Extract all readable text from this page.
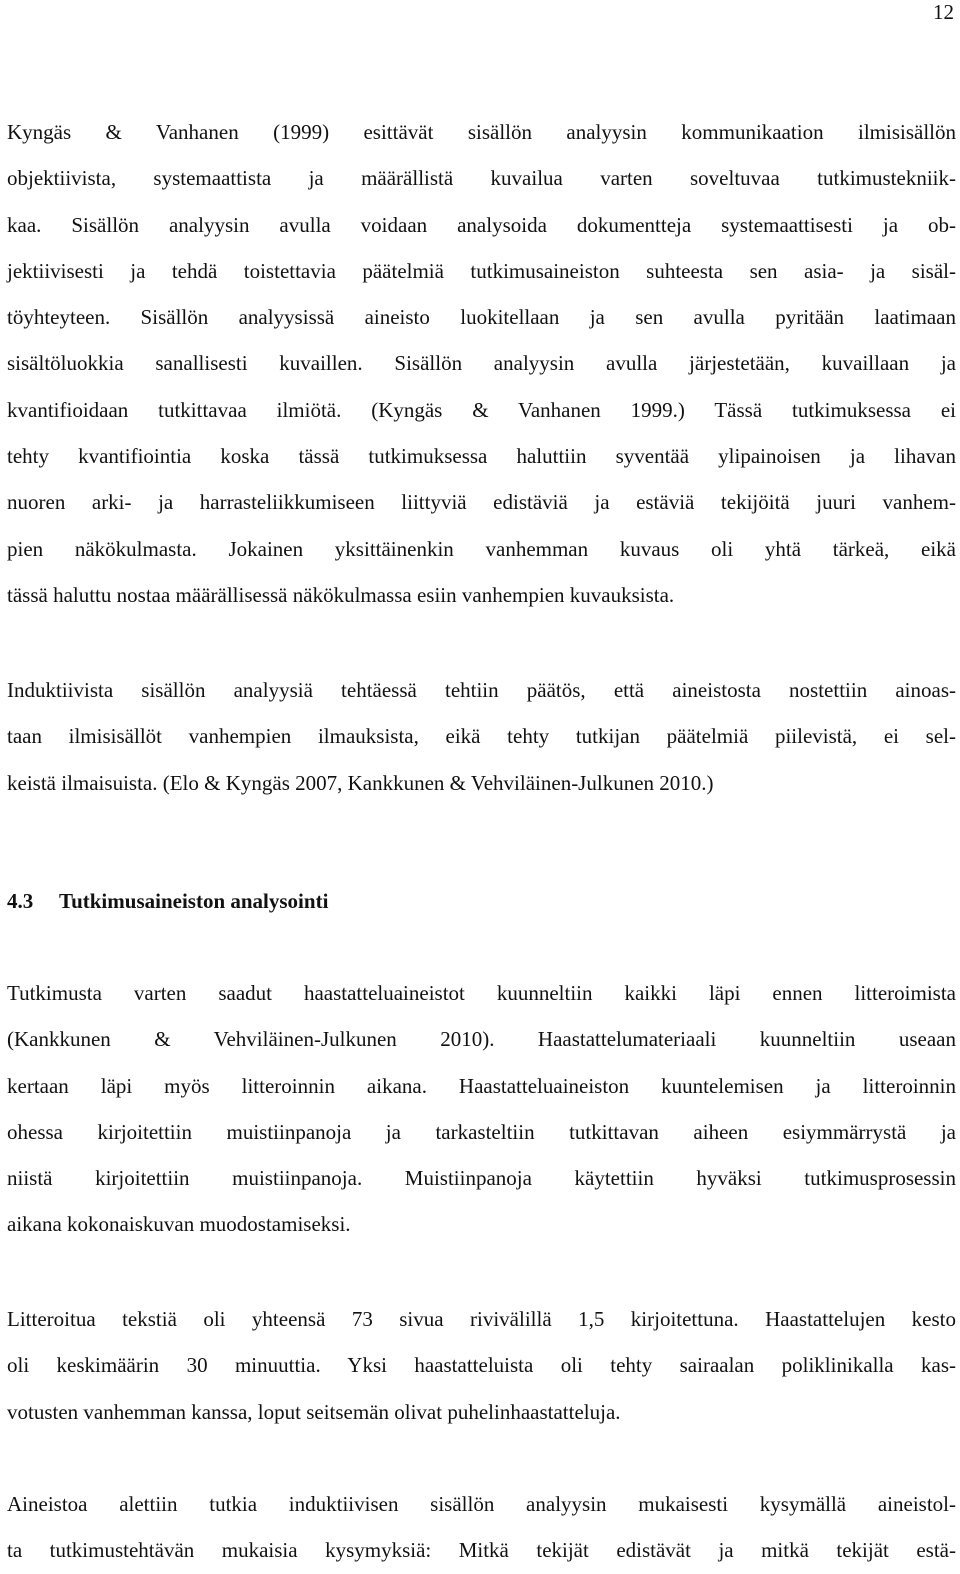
12
Kyngäs & Vanhanen (1999) esittävät sisällön analyysin kommunikaation ilmisisällön
objektiivista, systemaattista ja määrällistä kuvailua varten soveltuvaa tutkimustekniik-
kaa. Sisällön analyysin avulla voidaan analysoida dokumentteja systemaattisesti ja ob-
jektiivisesti ja tehdä toistettavia päätelmiä tutkimusaineiston suhteesta sen asia- ja sisäl-
töyhteyteen. Sisällön analyysissä aineisto luokitellaan ja sen avulla pyritään laatimaan
sisältöluokkia sanallisesti kuvaillen. Sisällön analyysin avulla järjestetään, kuvaillaan ja
kvantifioidaan tutkittavaa ilmiötä. (Kyngäs & Vanhanen 1999.) Tässä tutkimuksessa ei
tehty kvantifiointia koska tässä tutkimuksessa haluttiin syventää ylipainoisen ja lihavan
nuoren arki- ja harrasteliikkumiseen liittyviä edistäviä ja estäviä tekijöitä juuri vanhem-
pien näkökulmasta. Jokainen yksittäinenkin vanhemman kuvaus oli yhtä tärkeä, eikä
tässä haluttu nostaa määrällisessä näkökulmassa esiin vanhempien kuvauksista.
Induktiivista sisällön analyysiä tehtäessä tehtiin päätös, että aineistosta nostettiin ainoas-
taan ilmisisällöt vanhempien ilmauksista, eikä tehty tutkijan päätelmiä piilevistä, ei sel-
keistä ilmaisuista. (Elo & Kyngäs 2007, Kankkunen & Vehviläinen-Julkunen 2010.)
4.3 Tutkimusaineiston analysointi
Tutkimusta varten saadut haastatteluaineistot kuunneltiin kaikki läpi ennen litteroimista
(Kankkunen & Vehviläinen-Julkunen 2010). Haastattelumateriaali kuunneltiin useaan
kertaan läpi myös litteroinnin aikana. Haastatteluaineiston kuuntelemisen ja litteroinnin
ohessa kirjoitettiin muistiinpanoja ja tarkasteltiin tutkittavan aiheen esiymmärrystä ja
niistä kirjoitettiin muistiinpanoja. Muistiinpanoja käytettiin hyväksi tutkimusprosessin
aikana kokonaiskuvan muodostamiseksi.
Litteroitua tekstiä oli yhteensä 73 sivua rivivälillä 1,5 kirjoitettuna. Haastattelujen kesto
oli keskimäärin 30 minuuttia. Yksi haastatteluista oli tehty sairaalan poliklinikalla kas-
votusten vanhemman kanssa, loput seitsemän olivat puhelinhaastatteluja.
Aineistoa alettiin tutkia induktiivisen sisällön analyysin mukaisesti kysymällä aineistol-
ta tutkimustehtävän mukaisia kysymyksiä: Mitkä tekijät edistävät ja mitkä tekijät estä-
